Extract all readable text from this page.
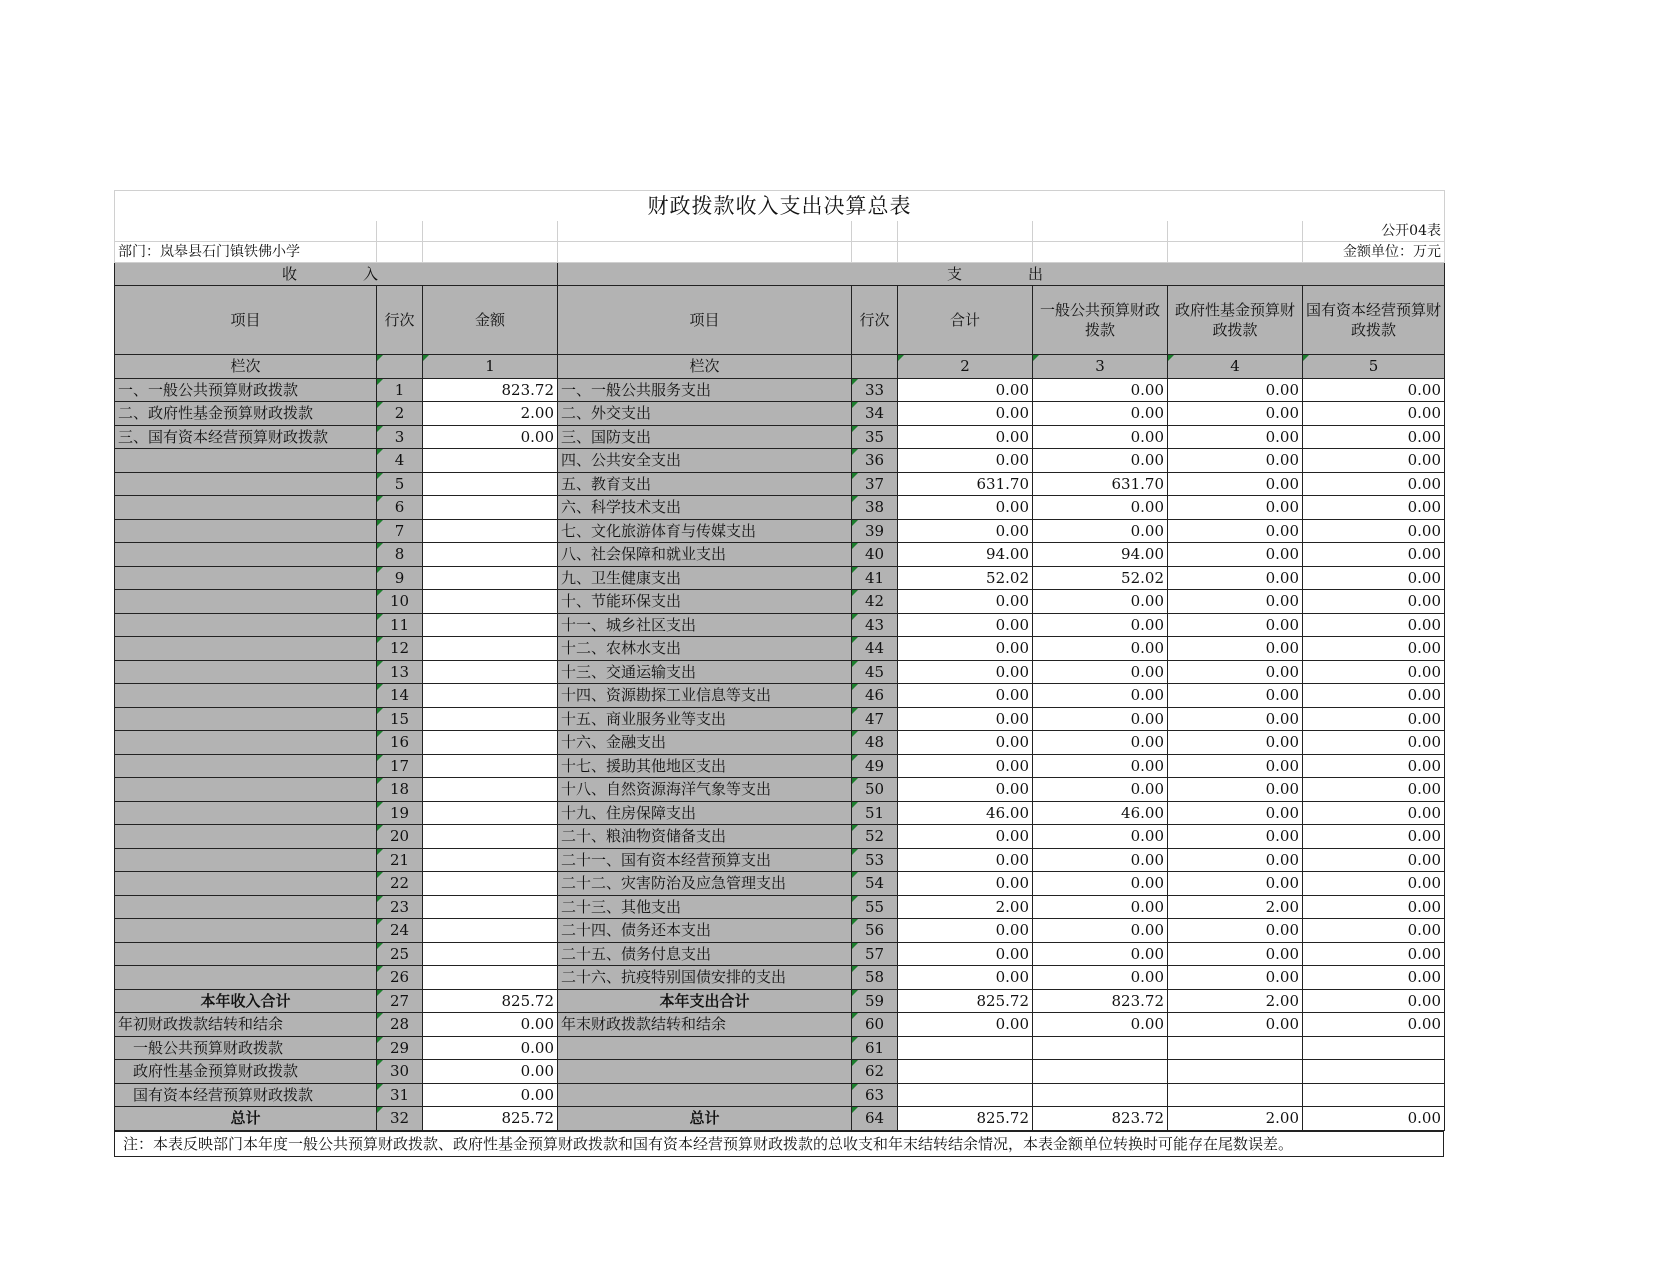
财政拨款收入支出决算总表								
								公开04表
部门：岚皋县石门镇铁佛小学								金额单位：万元
收　　入			支　　出					
项目	行次	金额	项目	行次	合计	一般公共预算财政拨款	政府性基金预算财政拨款	国有资本经营预算财政拨款
栏次		1	栏次		2	3	4	5
一、一般公共预算财政拨款	1	823.72	一、一般公共服务支出	33	0.00	0.00	0.00	0.00
二、政府性基金预算财政拨款	2	2.00	二、外交支出	34	0.00	0.00	0.00	0.00
三、国有资本经营预算财政拨款	3	0.00	三、国防支出	35	0.00	0.00	0.00	0.00
	4		四、公共安全支出	36	0.00	0.00	0.00	0.00
	5		五、教育支出	37	631.70	631.70	0.00	0.00
	6		六、科学技术支出	38	0.00	0.00	0.00	0.00
	7		七、文化旅游体育与传媒支出	39	0.00	0.00	0.00	0.00
	8		八、社会保障和就业支出	40	94.00	94.00	0.00	0.00
	9		九、卫生健康支出	41	52.02	52.02	0.00	0.00
	10		十、节能环保支出	42	0.00	0.00	0.00	0.00
	11		十一、城乡社区支出	43	0.00	0.00	0.00	0.00
	12		十二、农林水支出	44	0.00	0.00	0.00	0.00
	13		十三、交通运输支出	45	0.00	0.00	0.00	0.00
	14		十四、资源勘探工业信息等支出	46	0.00	0.00	0.00	0.00
	15		十五、商业服务业等支出	47	0.00	0.00	0.00	0.00
	16		十六、金融支出	48	0.00	0.00	0.00	0.00
	17		十七、援助其他地区支出	49	0.00	0.00	0.00	0.00
	18		十八、自然资源海洋气象等支出	50	0.00	0.00	0.00	0.00
	19		十九、住房保障支出	51	46.00	46.00	0.00	0.00
	20		二十、粮油物资储备支出	52	0.00	0.00	0.00	0.00
	21		二十一、国有资本经营预算支出	53	0.00	0.00	0.00	0.00
	22		二十二、灾害防治及应急管理支出	54	0.00	0.00	0.00	0.00
	23		二十三、其他支出	55	2.00	0.00	2.00	0.00
	24		二十四、债务还本支出	56	0.00	0.00	0.00	0.00
	25		二十五、债务付息支出	57	0.00	0.00	0.00	0.00
	26		二十六、抗疫特别国债安排的支出	58	0.00	0.00	0.00	0.00
本年收入合计	27	825.72	本年支出合计	59	825.72	823.72	2.00	0.00
年初财政拨款结转和结余	28	0.00	年末财政拨款结转和结余	60	0.00	0.00	0.00	0.00
一般公共预算财政拨款	29	0.00		61				
政府性基金预算财政拨款	30	0.00		62				
国有资本经营预算财政拨款	31	0.00		63				
总计	32	825.72	总计	64	825.72	823.72	2.00	0.00
注：本表反映部门本年度一般公共预算财政拨款、政府性基金预算财政拨款和国有资本经营预算财政拨款的总收支和年末结转结余情况，本表金额单位转换时可能存在尾数误差。
